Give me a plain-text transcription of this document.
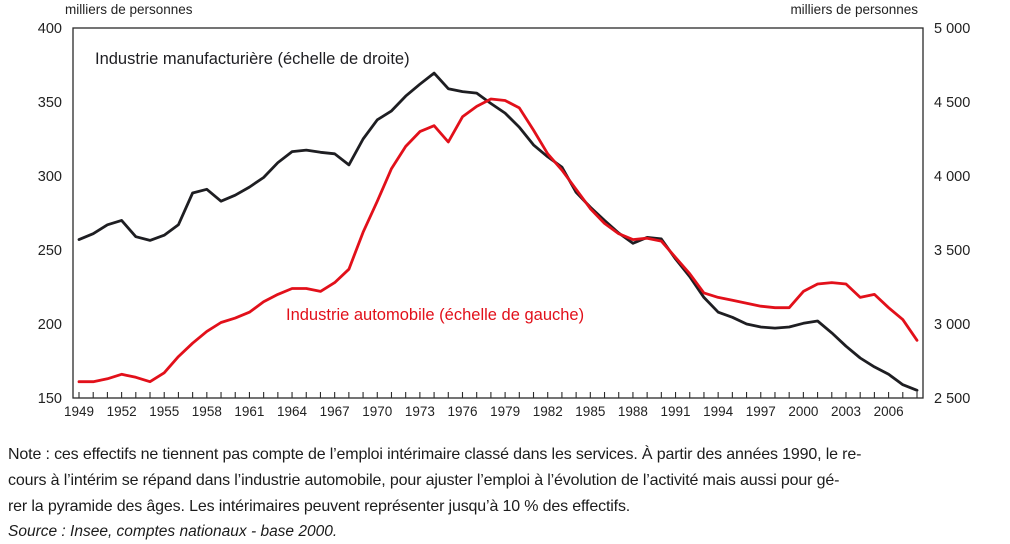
1949 1952 1955 1958 1961 1964 1967 1970 1973 1976 1979 1982 1985 1988 1991 1994 1997 2000 2003 2006
400
350
300
250
200
150
5 000
4 500
4 000
3 500
3 000
2 500
milliers de personnes	milliers de personnes
Industrie manufacturière (échelle de droite)
Industrie automobile (échelle de gauche)
Note : ces effectifs ne tiennent pas compte de l’emploi intérimaire classé dans les services. À partir des années 1990, le re-
cours à l’intérim se répand dans l’industrie automobile, pour ajuster l’emploi à l’évolution de l’activité mais aussi pour gé-
rer la pyramide des âges. Les intérimaires peuvent représenter jusqu’à 10 % des effectifs.
Source : Insee, comptes nationaux - base 2000.
